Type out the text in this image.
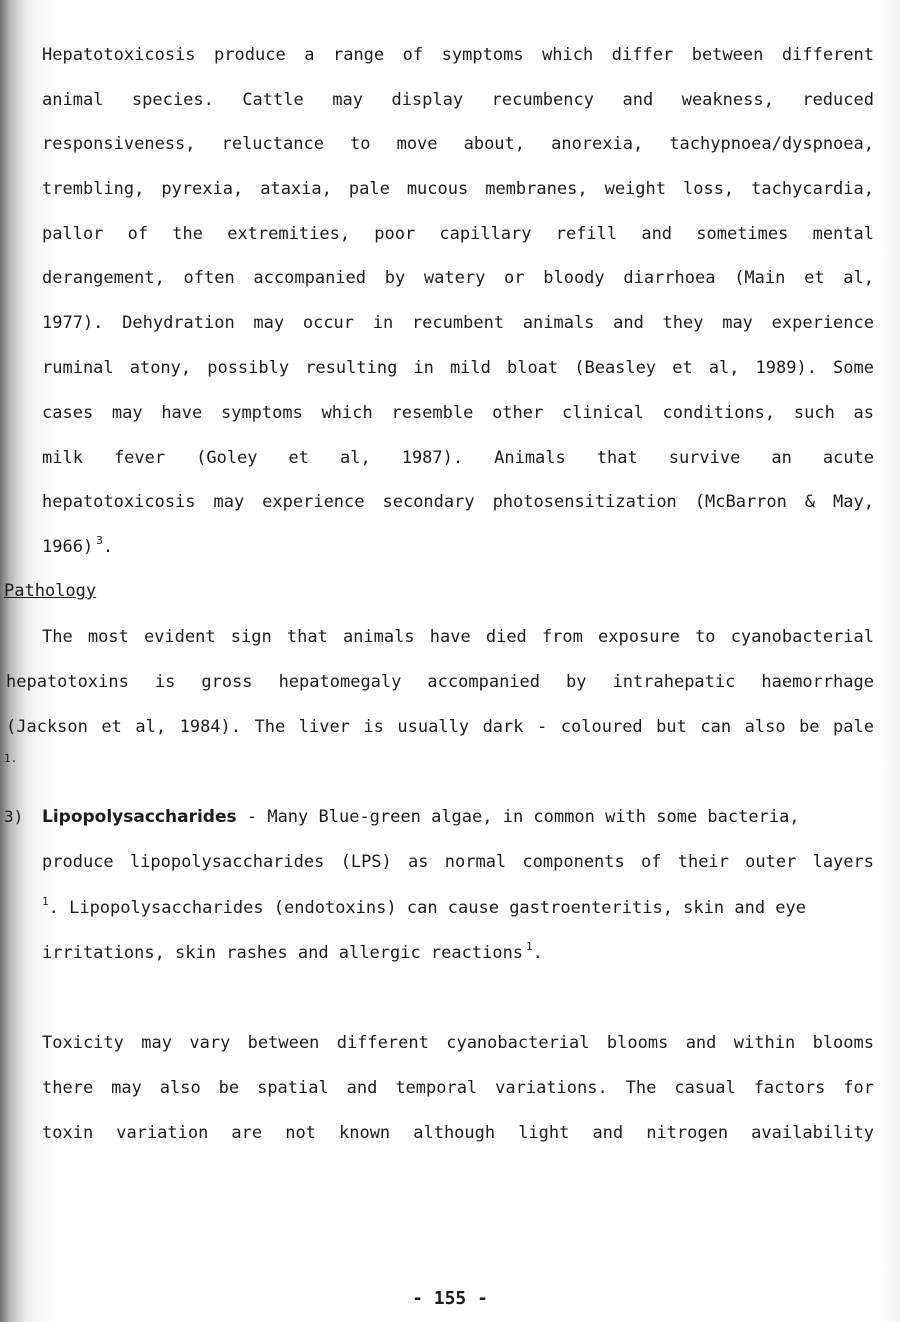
Hepatotoxicosis produce a range of symptoms which differ between different
animal species. Cattle may display recumbency and weakness, reduced
responsiveness, reluctance to move about, anorexia, tachypnoea/dyspnoea,
trembling, pyrexia, ataxia, pale mucous membranes, weight loss, tachycardia,
pallor of the extremities, poor capillary refill and sometimes mental
derangement, often accompanied by watery or bloody diarrhoea (Main et al,
1977). Dehydration may occur in recumbent animals and they may experience
ruminal atony, possibly resulting in mild bloat (Beasley et al, 1989). Some
cases may have symptoms which resemble other clinical conditions, such as
milk fever (Goley et al, 1987). Animals that survive an acute
hepatotoxicosis may experience secondary photosensitization (McBarron & May,
1966) $^3$.
Pathology
The most evident sign that animals have died from exposure to cyanobacterial
hepatotoxins is gross hepatomegaly accompanied by intrahepatic haemorrhage
(Jackson et al, 1984). The liver is usually dark - coloured but can also be pale
1.
3) Lipopolysaccharides - Many Blue-green algae, in common with some bacteria,
produce lipopolysaccharides (LPS) as normal components of their outer layers
$^1$. Lipopolysaccharides (endotoxins) can cause gastroenteritis, skin and eye
irritations, skin rashes and allergic reactions $^1$.
Toxicity may vary between different cyanobacterial blooms and within blooms
there may also be spatial and temporal variations. The casual factors for
toxin variation are not known although light and nitrogen availability
- 155 -
